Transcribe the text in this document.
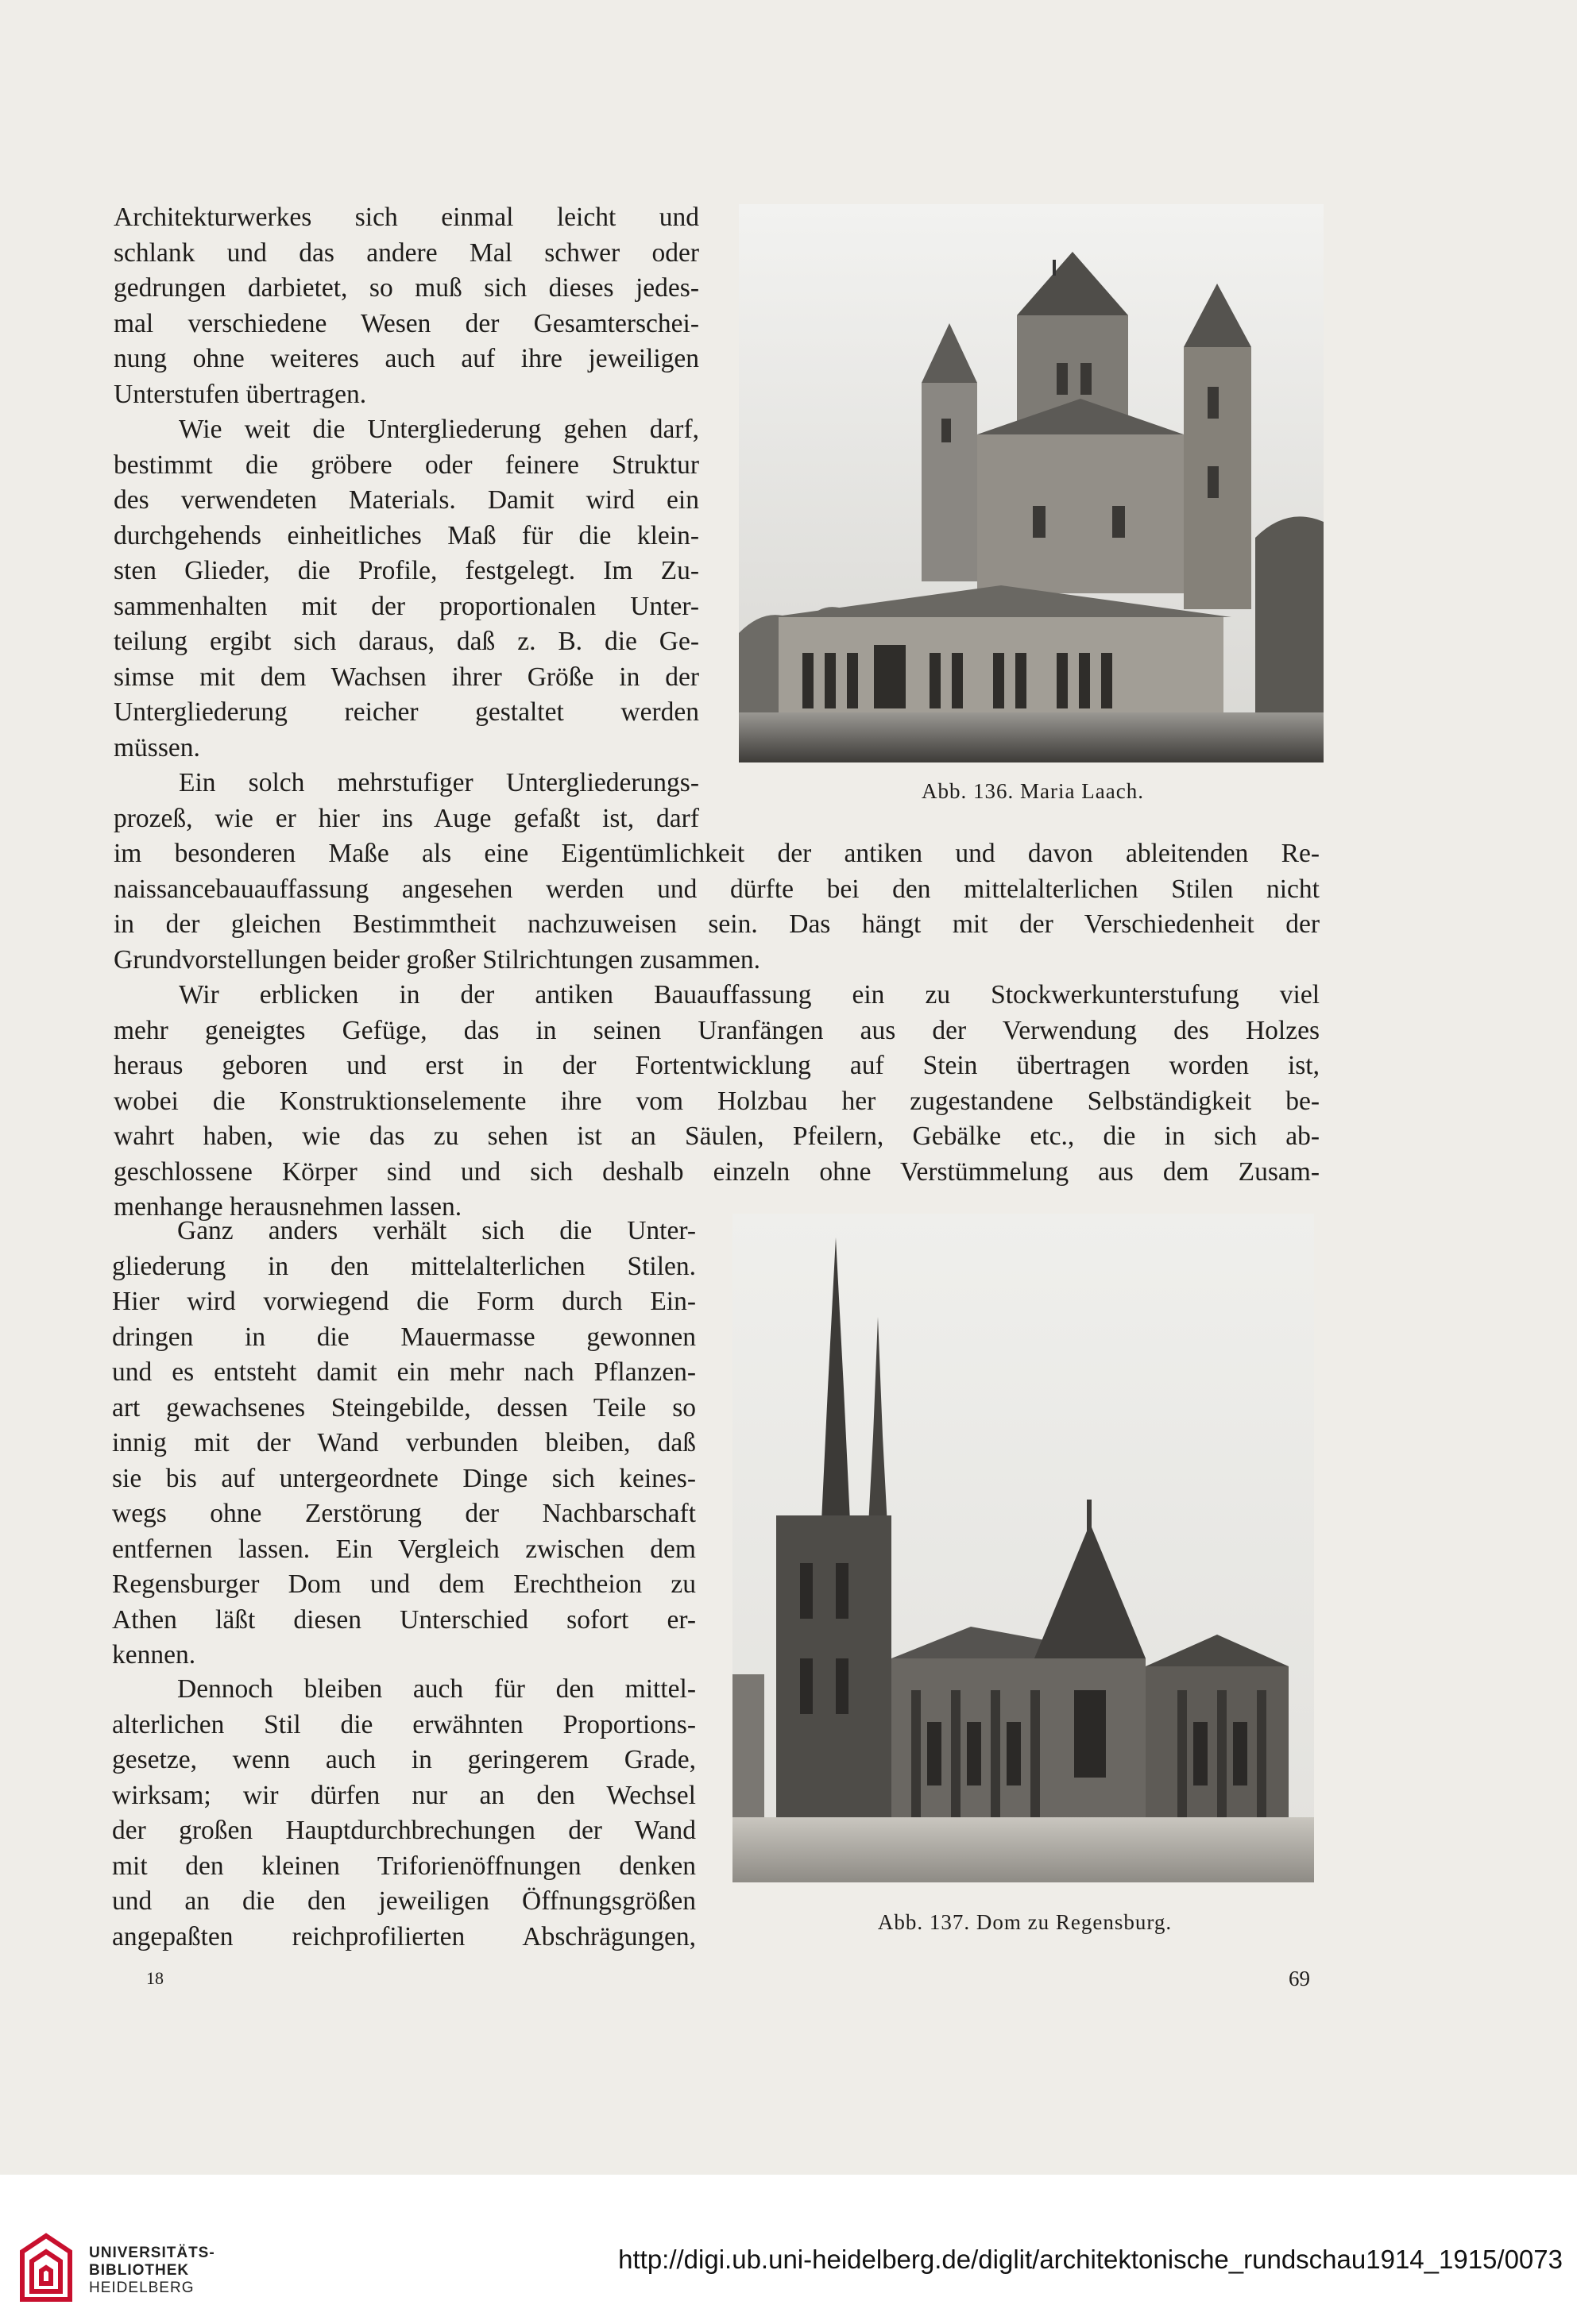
Architekturwerkes sich einmal leicht und
schlank und das andere Mal schwer oder
gedrungen darbietet, so muß sich dieses jedes-
mal verschiedene Wesen der Gesamterschei-
nung ohne weiteres auch auf ihre jeweiligen
Unterstufen übertragen.
Wie weit die Untergliederung gehen darf,
bestimmt die gröbere oder feinere Struktur
des verwendeten Materials. Damit wird ein
durchgehends einheitliches Maß für die klein-
sten Glieder, die Profile, festgelegt. Im Zu-
sammenhalten mit der proportionalen Unter-
teilung ergibt sich daraus, daß z. B. die Ge-
simse mit dem Wachsen ihrer Größe in der
Untergliederung reicher gestaltet werden
müssen.
Ein solch mehrstufiger Untergliederungs-
prozeß, wie er hier ins Auge gefaßt ist, darf
im besonderen Maße als eine Eigentümlichkeit der antiken und davon ableitenden Re-
naissancebauauffassung angesehen werden und dürfte bei den mittelalterlichen Stilen nicht
in der gleichen Bestimmtheit nachzuweisen sein. Das hängt mit der Verschiedenheit der
Grundvorstellungen beider großer Stilrichtungen zusammen.
Wir erblicken in der antiken Bauauffassung ein zu Stockwerkunterstufung viel
mehr geneigtes Gefüge, das in seinen Uranfängen aus der Verwendung des Holzes
heraus geboren und erst in der Fortentwicklung auf Stein übertragen worden ist,
wobei die Konstruktionselemente ihre vom Holzbau her zugestandene Selbständigkeit be-
wahrt haben, wie das zu sehen ist an Säulen, Pfeilern, Gebälke etc., die in sich ab-
geschlossene Körper sind und sich deshalb einzeln ohne Verstümmelung aus dem Zusam-
menhange herausnehmen lassen.
Ganz anders verhält sich die Unter-
gliederung in den mittelalterlichen Stilen.
Hier wird vorwiegend die Form durch Ein-
dringen in die Mauermasse gewonnen
und es entsteht damit ein mehr nach Pflanzen-
art gewachsenes Steingebilde, dessen Teile so
innig mit der Wand verbunden bleiben, daß
sie bis auf untergeordnete Dinge sich keines-
wegs ohne Zerstörung der Nachbarschaft
entfernen lassen. Ein Vergleich zwischen dem
Regensburger Dom und dem Erechtheion zu
Athen läßt diesen Unterschied sofort er-
kennen.
Dennoch bleiben auch für den mittel-
alterlichen Stil die erwähnten Proportions-
gesetze, wenn auch in geringerem Grade,
wirksam; wir dürfen nur an den Wechsel
der großen Hauptdurchbrechungen der Wand
mit den kleinen Triforienöffnungen denken
und an die den jeweiligen Öffnungsgrößen
angepaßten reichprofilierten Abschrägungen,
Abb. 136. Maria Laach.
Abb. 137. Dom zu Regensburg.
18	69
UNIVERSITÄTS-
BIBLIOTHEK
HEIDELBERG
http://digi.ub.uni-heidelberg.de/diglit/architektonische_rundschau1914_1915/0073
